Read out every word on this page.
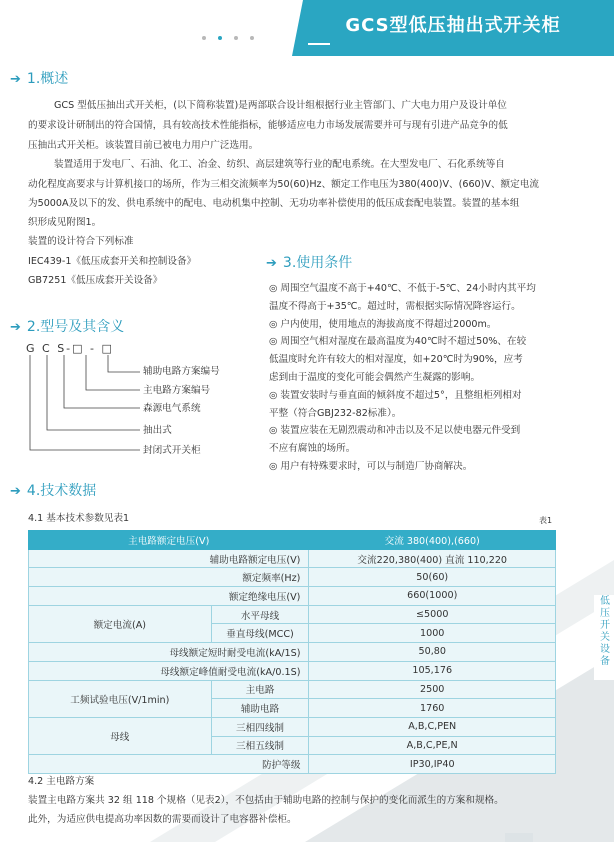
GCS型低压抽出式开关柜
➔ 1.概述
GCS 型低压抽出式开关柜，(以下简称装置)是两部联合设计组根据行业主管部门、广大电力用户及设计单位
的要求设计研制出的符合国情，具有较高技术性能指标，能够适应电力市场发展需要并可与现有引进产品竞争的低
压抽出式开关柜。该装置目前已被电力用户广泛选用。
装置适用于发电厂、石油、化工、冶金、纺织、高层建筑等行业的配电系统。在大型发电厂、石化系统等自
动化程度高要求与计算机接口的场所，作为三相交流频率为50(60)Hz、额定工作电压为380(400)V、(660)V、额定电流
为5000A及以下的发、供电系统中的配电、电动机集中控制、无功功率补偿使用的低压成套配电装置。装置的基本组
织形成见附图1。
装置的设计符合下列标准
IEC439-1《低压成套开关和控制设备》
GB7251《低压成套开关设备》
➔ 2.型号及其含义
G C S-□ - □
辅助电路方案编号
主电路方案编号
森源电气系统
抽出式
封闭式开关柜
➔ 3.使用条件

◎ 周围空气温度不高于+40℃、不低于-5℃、24小时内其平均

温度不得高于+35℃。超过时，需根据实际情况降容运行。

◎ 户内使用，使用地点的海拔高度不得超过2000m。

◎ 周围空气相对湿度在最高温度为40℃时不超过50%、在较

低温度时允许有较大的相对湿度，如+20℃时为90%，应考

虑到由于温度的变化可能会偶然产生凝露的影响。

◎ 装置安装时与垂直面的倾斜度不超过5°，且整组柜列相对

平整（符合GBJ232-82标准）。

◎ 装置应装在无剧烈震动和冲击以及不足以使电器元件受到

不应有腐蚀的场所。

◎ 用户有特殊要求时，可以与制造厂协商解决。

➔ 4.技术数据
4.1 基本技术参数见表1	表1
主电路额定电压(V)		交流 380(400),(660)
辅助电路额定电压(V)		交流220,380(400) 直流 110,220
额定频率(Hz)		50(60)
额定绝缘电压(V)		660(1000)
额定电流(A)	水平母线	≤5000
	垂直母线(MCC)	1000
母线额定短时耐受电流(kA/1S)		50,80
母线额定峰值耐受电流(kA/0.1S)		105,176
工频试验电压(V/1min)	主电路	2500
	辅助电路	1760
母线	三相四线制	A,B,C,PEN
	三相五线制	A,B,C,PE,N
防护等级		IP30,IP40
4.2 主电路方案
装置主电路方案共 32 组 118 个规格（见表2），不包括由于辅助电路的控制与保护的变化而派生的方案和规格。
此外，为适应供电提高功率因数的需要而设计了电容器补偿柜。
低压开关设备
